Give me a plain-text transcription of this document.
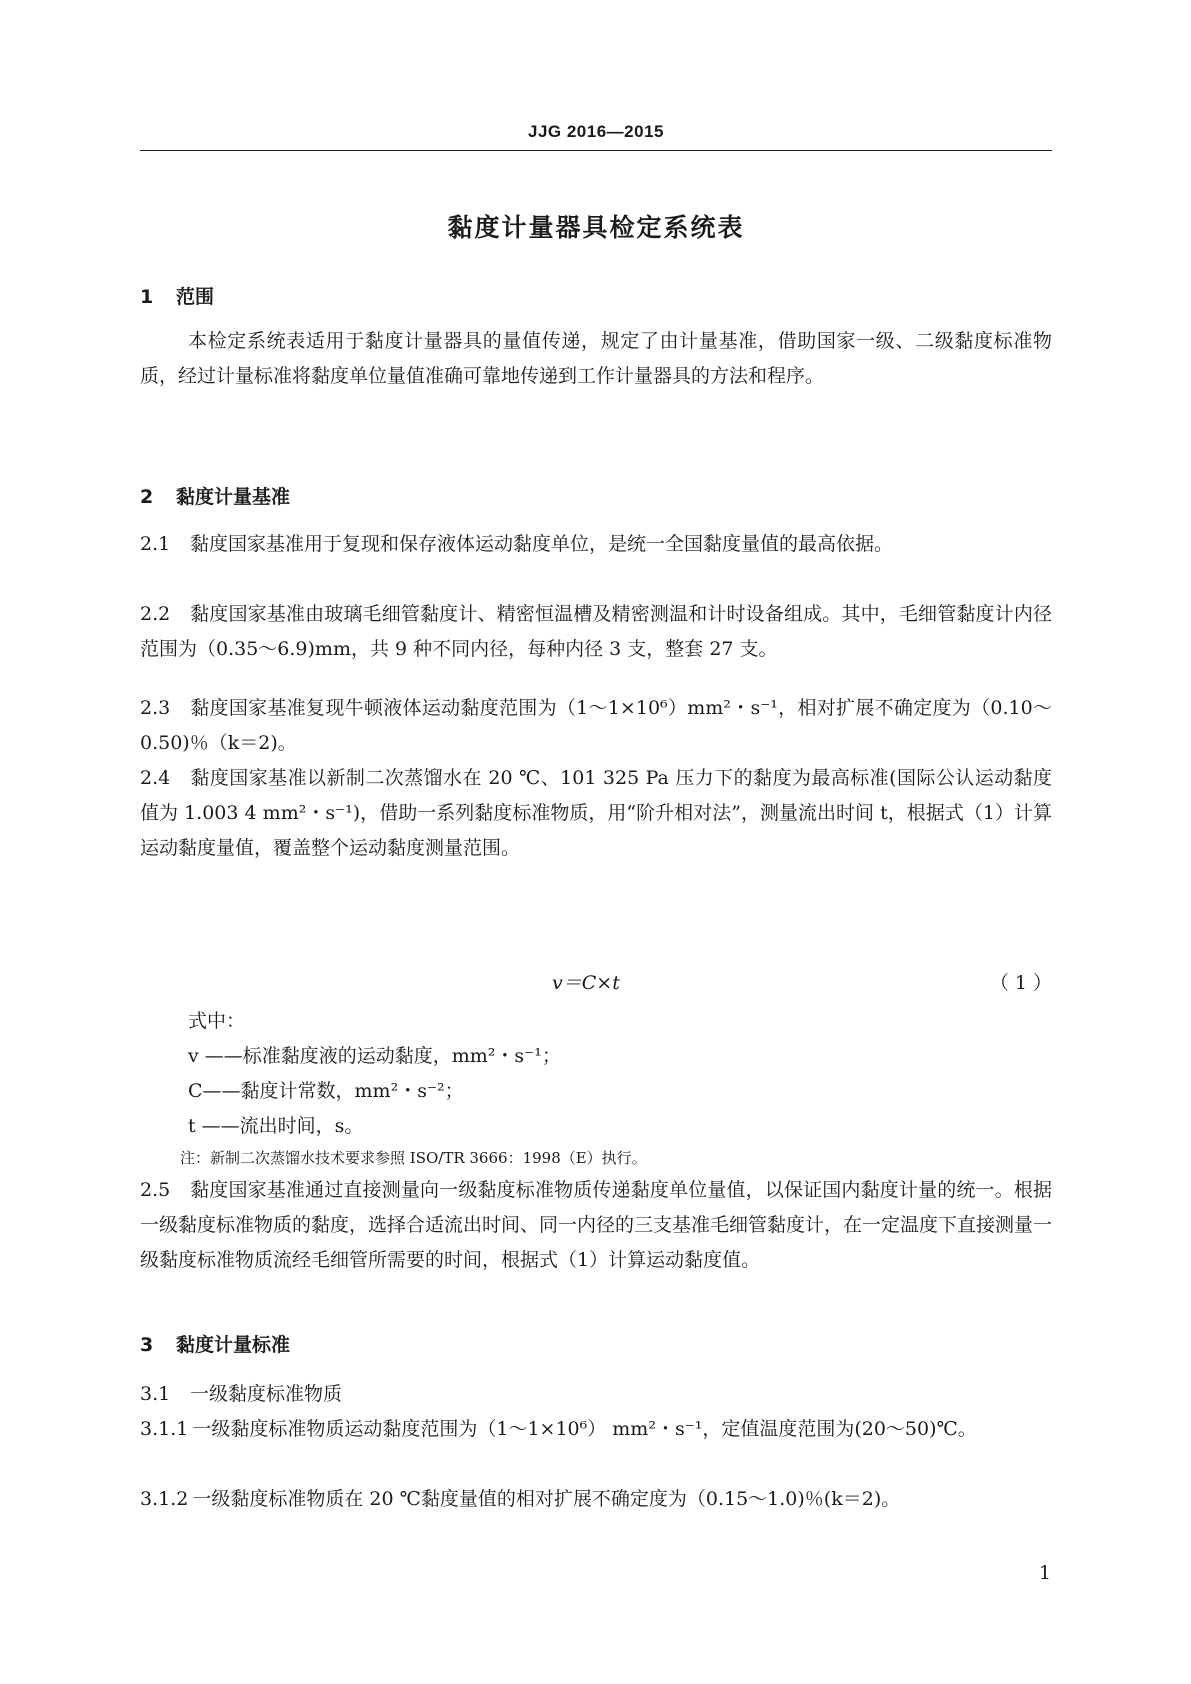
JJG 2016—2015
黏度计量器具检定系统表
1 范围
本检定系统表适用于黏度计量器具的量值传递，规定了由计量基准，借助国家一级、二级黏度标准物质，经过计量标准将黏度单位量值准确可靠地传递到工作计量器具的方法和程序。
2 黏度计量基准
2.1 黏度国家基准用于复现和保存液体运动黏度单位，是统一全国黏度量值的最高依据。
2.2 黏度国家基准由玻璃毛细管黏度计、精密恒温槽及精密测温和计时设备组成。其中，毛细管黏度计内径范围为（0.35～6.9)mm，共 9 种不同内径，每种内径 3 支，整套 27 支。
2.3 黏度国家基准复现牛顿液体运动黏度范围为（1～1×10⁶）mm²・s⁻¹，相对扩展不确定度为（0.10～0.50)％（k＝2)。
2.4 黏度国家基准以新制二次蒸馏水在 20 ℃、101 325 Pa 压力下的黏度为最高标准(国际公认运动黏度值为 1.003 4 mm²・s⁻¹)，借助一系列黏度标准物质，用“阶升相对法”，测量流出时间 t，根据式（1）计算运动黏度量值，覆盖整个运动黏度测量范围。
v＝C×t	（ 1 ）
式中：
v ——标准黏度液的运动黏度，mm²・s⁻¹；
C——黏度计常数，mm²・s⁻²；
t ——流出时间，s。
注：新制二次蒸馏水技术要求参照 ISO/TR 3666：1998（E）执行。
2.5 黏度国家基准通过直接测量向一级黏度标准物质传递黏度单位量值，以保证国内黏度计量的统一。根据一级黏度标准物质的黏度，选择合适流出时间、同一内径的三支基准毛细管黏度计，在一定温度下直接测量一级黏度标准物质流经毛细管所需要的时间，根据式（1）计算运动黏度值。
3 黏度计量标准
3.1 一级黏度标准物质
3.1.1 一级黏度标准物质运动黏度范围为（1～1×10⁶） mm²・s⁻¹，定值温度范围为(20～50)℃。
3.1.2 一级黏度标准物质在 20 ℃黏度量值的相对扩展不确定度为（0.15～1.0)％(k＝2)。
1
